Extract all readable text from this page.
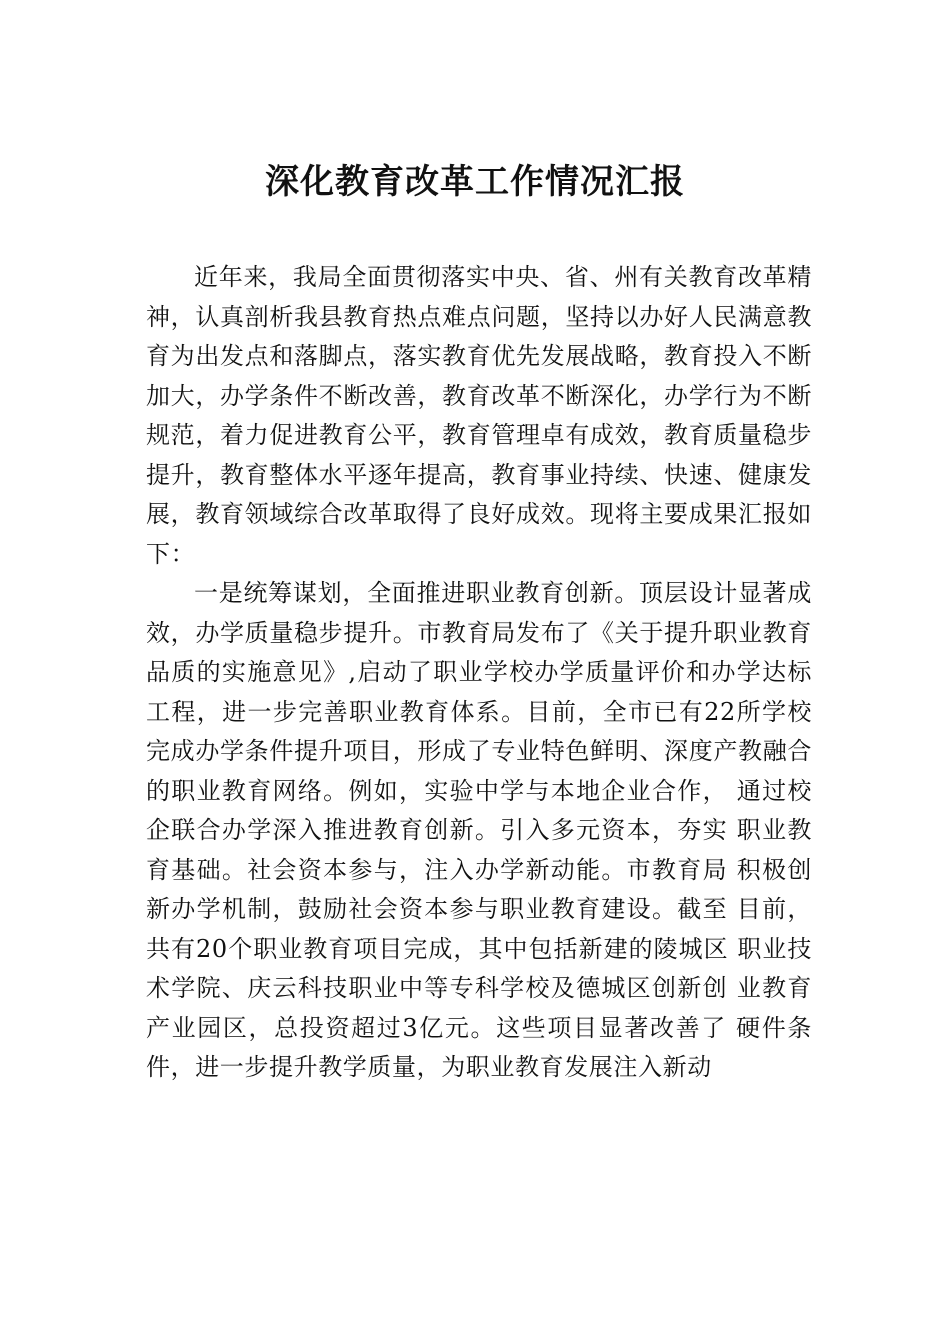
深化教育改革工作情况汇报

近年来，我局全面贯彻落实中央、省、州有关教育改革精神，认真剖析我县教育热点难点问题，坚持以办好人民满意教育为出发点和落脚点，落实教育优先发展战略，教育投入不断加大，办学条件不断改善，教育改革不断深化，办学行为不断规范，着力促进教育公平，教育管理卓有成效，教育质量稳步提升，教育整体水平逐年提高，教育事业持续、快速、健康发展，教育领域综合改革取得了良好成效。现将主要成果汇报如下：

一是统筹谋划，全面推进职业教育创新。顶层设计显著成效，办学质量稳步提升。市教育局发布了《关于提升职业教育品质的实施意见》,启动了职业学校办学质量评价和办学达标工程，进一步完善职业教育体系。目前，全市已有22所学校完成办学条件提升项目，形成了专业特色鲜明、深度产教融合的职业教育网络。例如，实验中学与本地企业合作， 通过校企联合办学深入推进教育创新。引入多元资本，夯实 职业教育基础。社会资本参与，注入办学新动能。市教育局 积极创新办学机制，鼓励社会资本参与职业教育建设。截至 目前，共有20个职业教育项目完成，其中包括新建的陵城区 职业技术学院、庆云科技职业中等专科学校及德城区创新创 业教育产业园区，总投资超过3亿元。这些项目显著改善了 硬件条件，进一步提升教学质量，为职业教育发展注入新动
